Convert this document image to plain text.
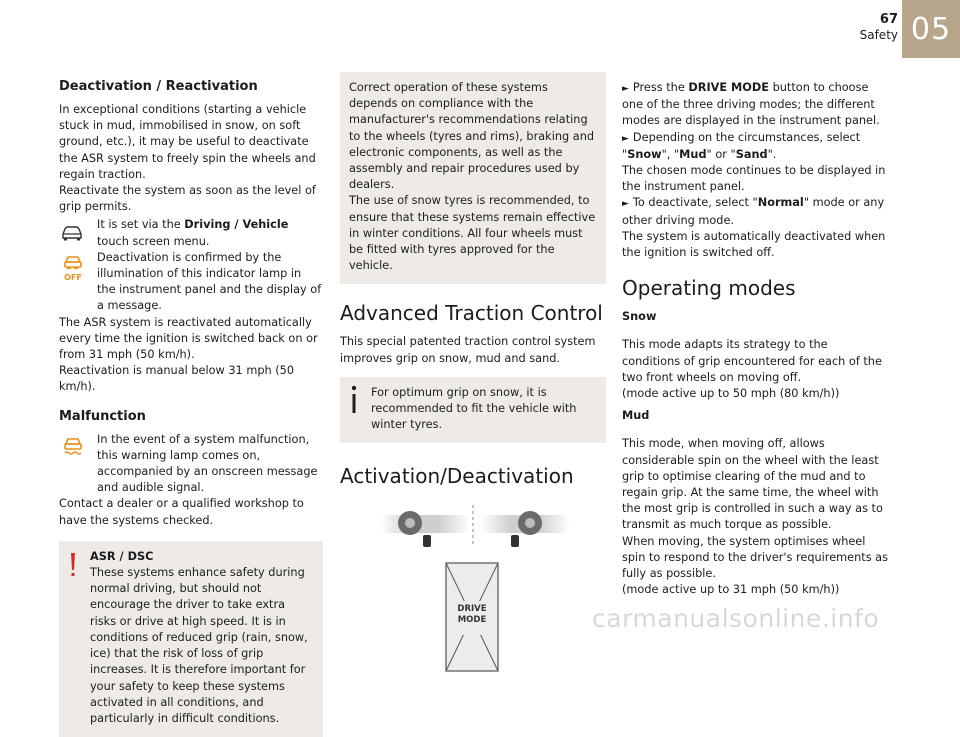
67
Safety 05
Deactivation / Reactivation

In exceptional conditions (starting a vehicle stuck in mud, immobilised in snow, on soft ground, etc.), it may be useful to deactivate the ASR system to freely spin the wheels and regain traction.

Reactivate the system as soon as the level of grip permits.

It is set via the Driving / Vehicle touch screen menu.

OFF

Deactivation is confirmed by the illumination of this indicator lamp in the instrument panel and the display of a message.

The ASR system is reactivated automatically every time the ignition is switched back on or from 31 mph (50 km/h).

Reactivation is manual below 31 mph (50 km/h).

Malfunction

In the event of a system malfunction, this warning lamp comes on, accompanied by an onscreen message and audible signal.

Contact a dealer or a qualified workshop to have the systems checked.

ASR / DSC

These systems enhance safety during normal driving, but should not encourage the driver to take extra risks or drive at high speed. It is in conditions of reduced grip (rain, snow, ice) that the risk of loss of grip increases. It is therefore important for your safety to keep these systems activated in all conditions, and particularly in difficult conditions.

Correct operation of these systems depends on compliance with the manufacturer's recommendations relating to the wheels (tyres and rims), braking and electronic components, as well as the assembly and repair procedures used by dealers.

The use of snow tyres is recommended, to ensure that these systems remain effective in winter conditions. All four wheels must be fitted with tyres approved for the vehicle.

Advanced Traction Control

This special patented traction control system improves grip on snow, mud and sand.

For optimum grip on snow, it is recommended to fit the vehicle with winter tyres.

Activation/Deactivation
DRIVE
MODE

► Press the DRIVE MODE button to choose one of the three driving modes; the different modes are displayed in the instrument panel.

► Depending on the circumstances, select
"Snow", "Mud" or "Sand".

The chosen mode continues to be displayed in the instrument panel.

► To deactivate, select "Normal" mode or any other driving mode.

The system is automatically deactivated when the ignition is switched off.

Operating modes
Snow

This mode adapts its strategy to the conditions of grip encountered for each of the two front wheels on moving off.

(mode active up to 50 mph (80 km/h))

Mud

This mode, when moving off, allows considerable spin on the wheel with the least grip to optimise clearing of the mud and to regain grip. At the same time, the wheel with the most grip is controlled in such a way as to transmit as much torque as possible.

When moving, the system optimises wheel spin to respond to the driver's requirements as fully as possible.

(mode active up to 31 mph (50 km/h))

carmanualsonline.info
